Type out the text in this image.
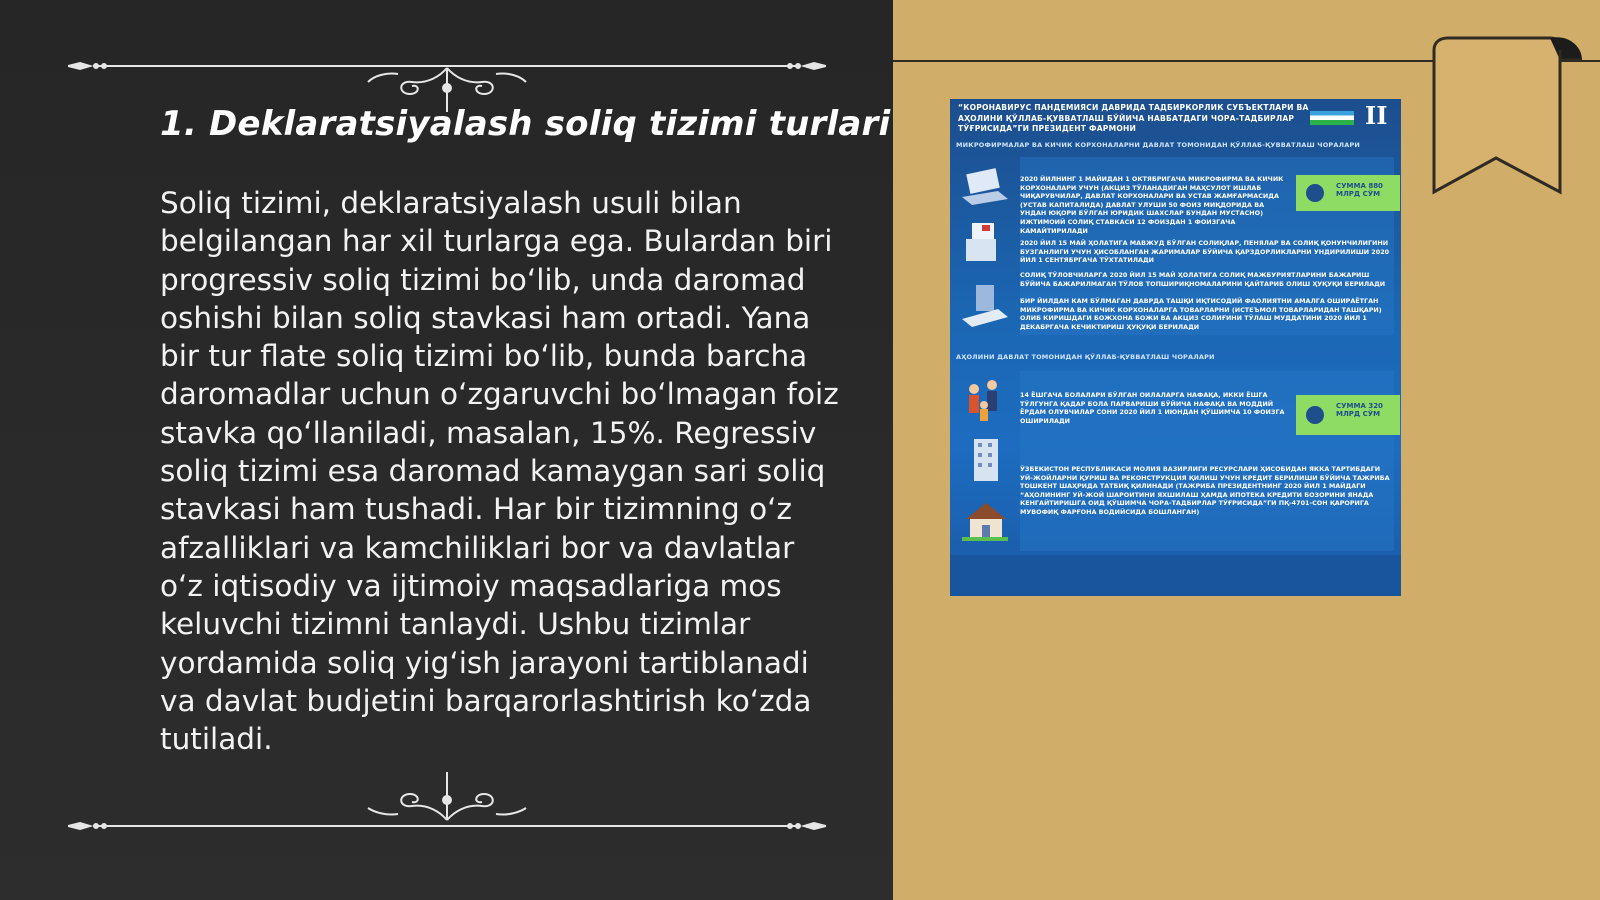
1. Deklaratsiyalash soliq tizimi turlari
Soliq tizimi, deklaratsiyalash usuli bilan belgilangan har xil turlarga ega. Bulardan biri progressiv soliq tizimi boʻlib, unda daromad oshishi bilan soliq stavkasi ham ortadi. Yana bir tur flate soliq tizimi boʻlib, bunda barcha daromadlar uchun oʻzgaruvchi boʻlmagan foiz stavka qoʻllaniladi, masalan, 15%. Regressiv soliq tizimi esa daromad kamaygan sari soliq stavkasi ham tushadi. Har bir tizimning oʻz afzalliklari va kamchiliklari bor va davlatlar oʻz iqtisodiy va ijtimoiy maqsadlariga mos keluvchi tizimni tanlaydi. Ushbu tizimlar yordamida soliq yigʻish jarayoni tartiblanadi va davlat budjetini barqarorlashtirish koʻzda tutiladi.
“КОРОНАВИРУС ПАНДЕМИЯСИ ДАВРИДА ТАДБИРКОРЛИК СУБЪЕКТЛАРИ ВА АҲОЛИНИ ҚЎЛЛАБ-ҚУВВАТЛАШ БЎЙИЧА НАВБАТДАГИ ЧОРА-ТАДБИРЛАР ТЎҒРИСИДА”ГИ ПРЕЗИДЕНТ ФАРМОНИ	II
МИКРОФИРМАЛАР ВА КИЧИК КОРХОНАЛАРНИ ДАВЛАТ ТОМОНИДАН ҚЎЛЛАБ-ҚУВВАТЛАШ ЧОРАЛАРИ
2020 ЙИЛНИНГ 1 МАЙИДАН 1 ОКТЯБРИГАЧА МИКРОФИРМА ВА КИЧИК КОРХОНАЛАРИ УЧУН (АКЦИЗ ТЎЛАНАДИГАН МАҲСУЛОТ ИШЛАБ ЧИҚАРУВЧИЛАР, ДАВЛАТ КОРХОНАЛАРИ ВА УСТАВ ЖАМҒАРМАСИДА (УСТАВ КАПИТАЛИДА) ДАВЛАТ УЛУШИ 50 ФОИЗ МИҚДОРИДА ВА УНДАН ЮҚОРИ БЎЛГАН ЮРИДИК ШАХСЛАР БУНДАН МУСТАСНО) ИЖТИМОИЙ СОЛИҚ СТАВКАСИ 12 ФОИЗДАН 1 ФОИЗГАЧА КАМАЙТИРИЛАДИ
СУММА 880 МЛРД СЎМ
2020 ЙИЛ 15 МАЙ ҲОЛАТИГА МАВЖУД БЎЛГАН СОЛИҚЛАР, ПЕНЯЛАР ВА СОЛИҚ ҚОНУНЧИЛИГИНИ БУЗГАНЛИГИ УЧУН ҲИСОБЛАНГАН ЖАРИМАЛАР БЎЙИЧА ҚАРЗДОРЛИКЛАРНИ УНДИРИЛИШИ 2020 ЙИЛ 1 СЕНТЯБРГАЧА ТЎХТАТИЛАДИ
СОЛИҚ ТЎЛОВЧИЛАРГА 2020 ЙИЛ 15 МАЙ ҲОЛАТИГА СОЛИҚ МАЖБУРИЯТЛАРИНИ БАЖАРИШ БЎЙИЧА БАЖАРИЛМАГАН ТЎЛОВ ТОПШИРИҚНОМАЛАРИНИ ҚАЙТАРИБ ОЛИШ ҲУҚУҚИ БЕРИЛАДИ
БИР ЙИЛДАН КАМ БЎЛМАГАН ДАВРДА ТАШҚИ ИҚТИСОДИЙ ФАОЛИЯТНИ АМАЛГА ОШИРАЁТГАН МИКРОФИРМА ВА КИЧИК КОРХОНАЛАРГА ТОВАРЛАРНИ (ИСТЕЪМОЛ ТОВАРЛАРИДАН ТАШҚАРИ) ОЛИБ КИРИШДАГИ БОЖХОНА БОЖИ ВА АКЦИЗ СОЛИҒИНИ ТЎЛАШ МУДДАТИНИ 2020 ЙИЛ 1 ДЕКАБРГАЧА КЕЧИКТИРИШ ҲУҚУҚИ БЕРИЛАДИ
АҲОЛИНИ ДАВЛАТ ТОМОНИДАН ҚЎЛЛАБ-ҚУВВАТЛАШ ЧОРАЛАРИ
14 ЁШГАЧА БОЛАЛАРИ БЎЛГАН ОИЛАЛАРГА НАФАҚА, ИККИ ЁШГА ТЎЛГУНГА ҚАДАР БОЛА ПАРВАРИШИ БЎЙИЧА НАФАҚА ВА МОДДИЙ ЁРДАМ ОЛУВЧИЛАР СОНИ 2020 ЙИЛ 1 ИЮНДАН ҚЎШИМЧА 10 ФОИЗГА ОШИРИЛАДИ
СУММА 320 МЛРД СЎМ
ЎЗБЕКИСТОН РЕСПУБЛИКАСИ МОЛИЯ ВАЗИРЛИГИ РЕСУРСЛАРИ ҲИСОБИДАН ЯККА ТАРТИБДАГИ УЙ-ЖОЙЛАРНИ ҚУРИШ ВА РЕКОНСТРУКЦИЯ ҚИЛИШ УЧУН КРЕДИТ БЕРИЛИШИ БЎЙИЧА ТАЖРИБА ТОШКЕНТ ШАҲРИДА ТАТБИҚ ҚИЛИНАДИ (ТАЖРИБА ПРЕЗИДЕНТНИНГ 2020 ЙИЛ 1 МАЙДАГИ “АҲОЛИНИНГ УЙ-ЖОЙ ШАРОИТИНИ ЯХШИЛАШ ҲАМДА ИПОТЕКА КРЕДИТИ БОЗОРИНИ ЯНАДА КЕНГАЙТИРИШГА ОИД ҚЎШИМЧА ЧОРА-ТАДБИРЛАР ТЎҒРИСИДА”ГИ ПҚ-4701-СОН ҚАРОРИГА МУВОФИҚ ФАРҒОНА ВОДИЙСИДА БОШЛАНГАН)
